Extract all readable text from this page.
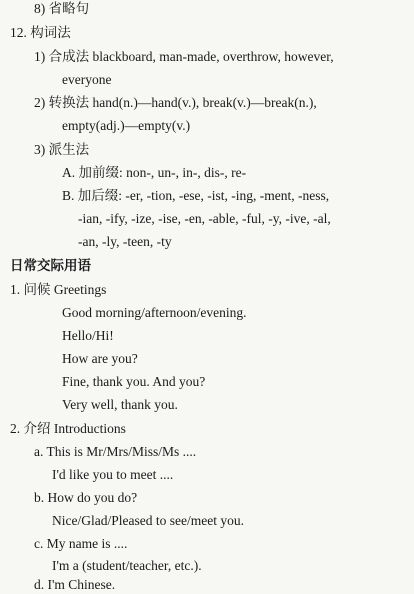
8) 省略句
12. 构词法
1) 合成法 blackboard, man-made, overthrow, however,
everyone
2) 转换法 hand(n.)—hand(v.), break(v.)—break(n.),
empty(adj.)—empty(v.)
3) 派生法
A. 加前缀: non-, un-, in-, dis-, re-
B. 加后缀: -er, -tion, -ese, -ist, -ing, -ment, -ness,
-ian, -ify, -ize, -ise, -en, -able, -ful, -y, -ive, -al,
-an, -ly, -teen, -ty
日常交际用语
1. 问候 Greetings
Good morning/afternoon/evening.
Hello/Hi!
How are you?
Fine, thank you. And you?
Very well, thank you.
2. 介绍 Introductions
a. This is Mr/Mrs/Miss/Ms ....
I'd like you to meet ....
b. How do you do?
Nice/Glad/Pleased to see/meet you.
c. My name is ....
I'm a (student/teacher, etc.).
d. I'm Chinese.
